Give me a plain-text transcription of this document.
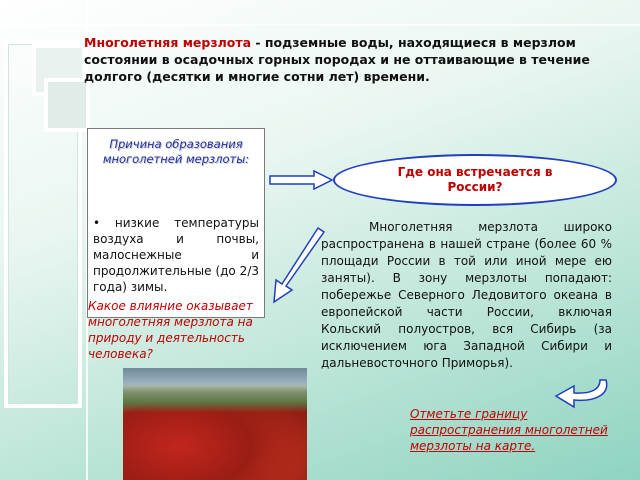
Многолетняя мерзлота - подземные воды, находящиеся в мерзлом состоянии в осадочных горных породах и не оттаивающие в течение долгого (десятки и многие сотни лет) времени.
Причина образования многолетней мерзлоты:
• низкие температуры воздуха и почвы, малоснежные и продолжительные (до 2/3 года) зимы.
Где она встречается в России?
Многолетняя мерзлота широко распространена в нашей стране (более 60 % площади России в той или иной мере ею заняты). В зону мерзлоты попадают: побережье Северного Ледовитого океана в европейской части России, включая Кольский полуостров, вся Сибирь (за исключением юга Западной Сибири и дальневосточного Приморья).
Какое влияние оказывает многолетняя мерзлота на природу и деятельность человека?
Отметьте границу распространения многолетней мерзлоты на карте.
